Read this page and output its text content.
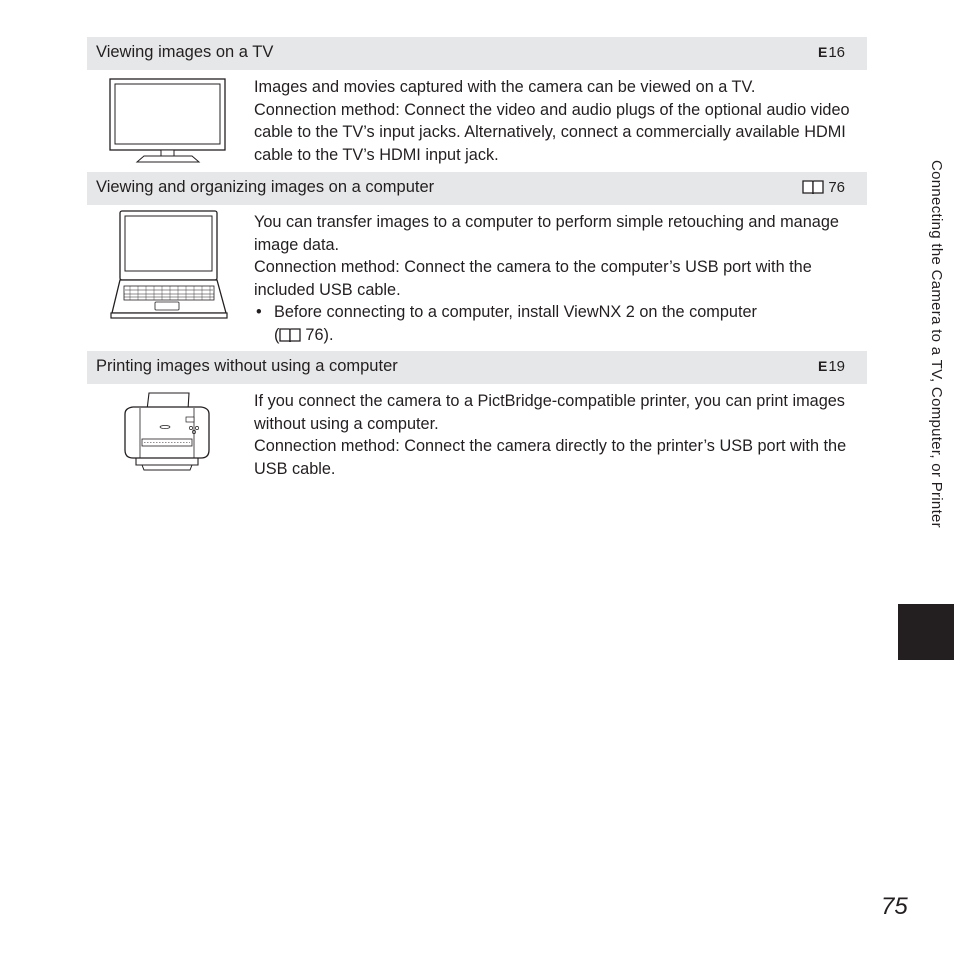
Viewing images on a TV	E16

Images and movies captured with the camera can be viewed on a TV.

Connection method: Connect the video and audio plugs of the optional audio video cable to the TV’s input jacks. Alternatively, connect a commercially available HDMI cable to the TV’s HDMI input jack.

Viewing and organizing images on a computer	76

You can transfer images to a computer to perform simple retouching and manage image data.

Connection method: Connect the camera to the computer’s USB port with the included USB cable.

• Before connecting to a computer, install ViewNX 2 on the computer
( 76).

Printing images without using a computer	E19

If you connect the camera to a PictBridge-compatible printer, you can print images without using a computer.

Connection method: Connect the camera directly to the printer’s USB port with the USB cable.	Connecting the Camera to a TV, Computer, or Printer
75
